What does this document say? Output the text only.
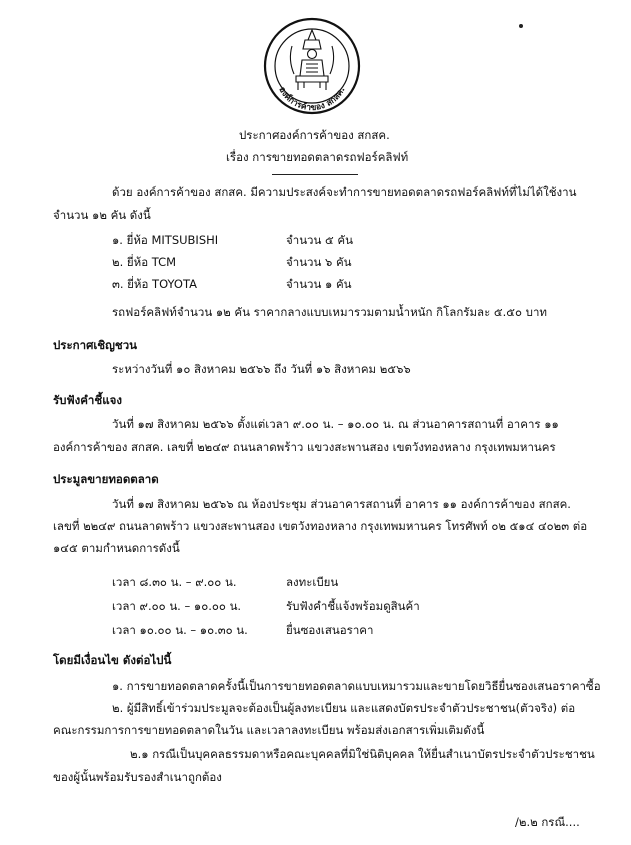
องค์การค้าของ สกสค.
ประกาศองค์การค้าของ สกสค.
เรื่อง การขายทอดตลาดรถฟอร์คลิฟท์
ด้วย องค์การค้าของ สกสค. มีความประสงค์จะทำการขายทอดตลาดรถฟอร์คลิฟท์ที่ไม่ได้ใช้งาน
จำนวน ๑๒ คัน ดังนี้
๑. ยี่ห้อ MITSUBISHI	จำนวน ๕ คัน
๒. ยี่ห้อ TCM	จำนวน ๖ คัน
๓. ยี่ห้อ TOYOTA	จำนวน ๑ คัน
รถฟอร์คลิฟท์จำนวน ๑๒ คัน ราคากลางแบบเหมารวมตามน้ำหนัก กิโลกรัมละ ๕.๕๐ บาท
ประกาศเชิญชวน
ระหว่างวันที่ ๑๐ สิงหาคม ๒๕๖๖ ถึง วันที่ ๑๖ สิงหาคม ๒๕๖๖
รับฟังคำชี้แจง
วันที่ ๑๗ สิงหาคม ๒๕๖๖ ตั้งแต่เวลา ๙.๐๐ น. – ๑๐.๐๐ น. ณ ส่วนอาคารสถานที่ อาคาร ๑๑
องค์การค้าของ สกสค. เลขที่ ๒๒๔๙ ถนนลาดพร้าว แขวงสะพานสอง เขตวังทองหลาง กรุงเทพมหานคร
ประมูลขายทอดตลาด
วันที่ ๑๗ สิงหาคม ๒๕๖๖ ณ ห้องประชุม ส่วนอาคารสถานที่ อาคาร ๑๑ องค์การค้าของ สกสค.
เลขที่ ๒๒๔๙ ถนนลาดพร้าว แขวงสะพานสอง เขตวังทองหลาง กรุงเทพมหานคร โทรศัพท์ ๐๒ ๕๑๔ ๔๐๒๓ ต่อ
๑๔๕ ตามกำหนดการดังนี้
เวลา ๘.๓๐ น. – ๙.๐๐ น.	ลงทะเบียน
เวลา ๙.๐๐ น. – ๑๐.๐๐ น.	รับฟังคำชี้แจ้งพร้อมดูสินค้า
เวลา ๑๐.๐๐ น. – ๑๐.๓๐ น.	ยื่นซองเสนอราคา
โดยมีเงื่อนไข ดังต่อไปนี้
๑. การขายทอดตลาดครั้งนี้เป็นการขายทอดตลาดแบบเหมารวมและขายโดยวิธียื่นซองเสนอราคาซื้อ
๒. ผู้มีสิทธิ์เข้าร่วมประมูลจะต้องเป็นผู้ลงทะเบียน และแสดงบัตรประจำตัวประชาชน(ตัวจริง) ต่อ
คณะกรรมการการขายทอดตลาดในวัน และเวลาลงทะเบียน พร้อมส่งเอกสารเพิ่มเติมดังนี้
๒.๑ กรณีเป็นบุคคลธรรมดาหรือคณะบุคคลที่มิใช่นิติบุคคล ให้ยื่นสำเนาบัตรประจำตัวประชาชน
ของผู้นั้นพร้อมรับรองสำเนาถูกต้อง
/๒.๒ กรณี....
